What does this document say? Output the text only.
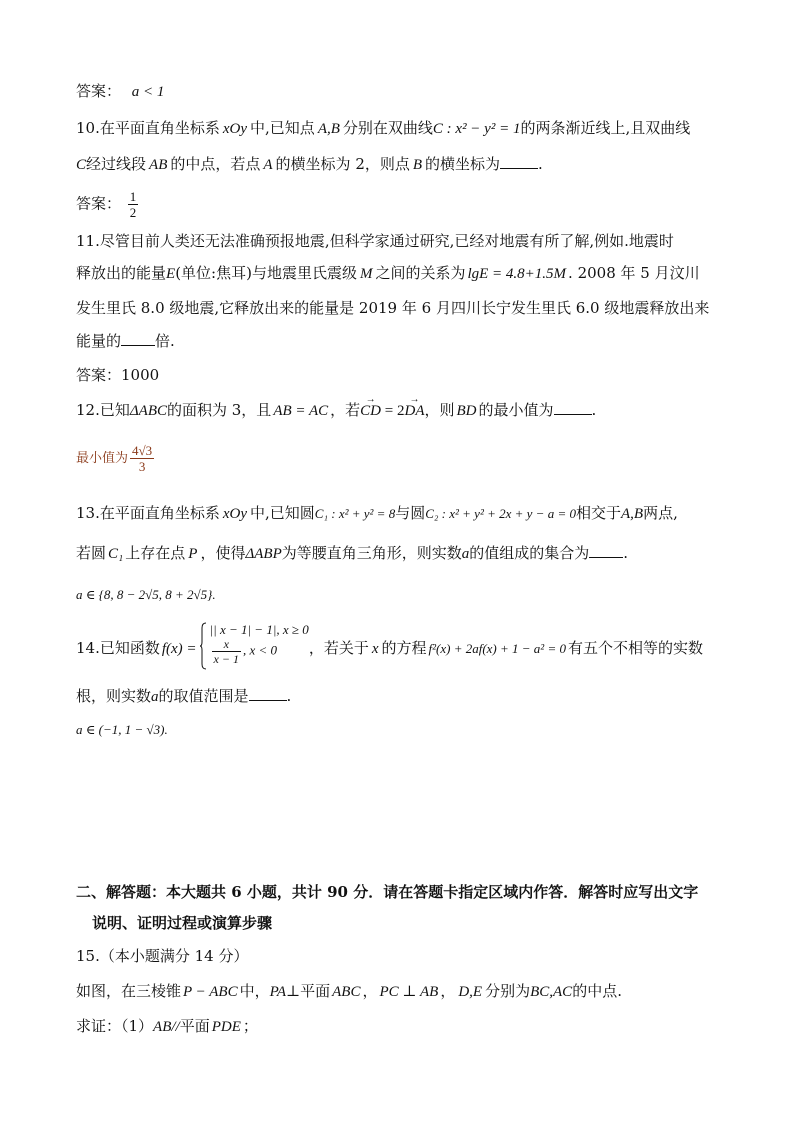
答案： a < 1
10.在平面直角坐标系 xOy 中,已知点 A,B 分别在双曲线C : x² − y² = 1的两条渐近线上,且双曲线
C经过线段 AB 的中点，若点 A 的横坐标为 2，则点 B 的横坐标为	.
答案： $\frac{1}{2}$
11.尽管目前人类还无法准确预报地震,但科学家通过研究,已经对地震有所了解,例如.地震时
释放出的能量E(单位:焦耳)与地震里氏震级 M 之间的关系为 lgE = 4.8+1.5M . 2008 年 5 月汶川
发生里氏 8.0 级地震,它释放出来的能量是 2019 年 6 月四川长宁发生里氏 6.0 级地震释放出来
能量的 倍.
答案：1000
12.已知ΔABC的面积为 3，且 AB = AC ，若→ CD = 2→ DA，则 BD 的最小值为	.
最小值为 $\frac{4√3}{3}$
13.在平面直角坐标系 xOy 中,已知圆C₁ : x² + y² = 8与圆C₂ : x² + y² + 2x + y − a = 0相交于A,B两点,
若圆 C₁ 上存在点 P ，使得ΔABP为等腰直角三角形，则实数a的值组成的集合为 .
a ∈ {8, 8 − 2√5, 8 + 2√5}.
14.已知函数 f(x) =
|| x − 1| − 1|, x ≥ 0
$\frac{x}{x - 1}$ , x < 0	，若关于 x 的方程 f²(x) + 2af(x) + 1 − a² = 0 有五个不相等的实数
根，则实数a的取值范围是	.
a ∈ (−1, 1 − √3).
二、解答题：本大题共 6 小题，共计 90 分．请在答题卡指定区域内作答．解答时应写出文字
说明、证明过程或演算步骤
15.（本小题满分 14 分）
如图，在三棱锥 P − ABC 中，PA⊥平面 ABC ， PC ⊥ AB ， D,E 分别为BC,AC的中点.
求证：（1）AB//平面 PDE ；
